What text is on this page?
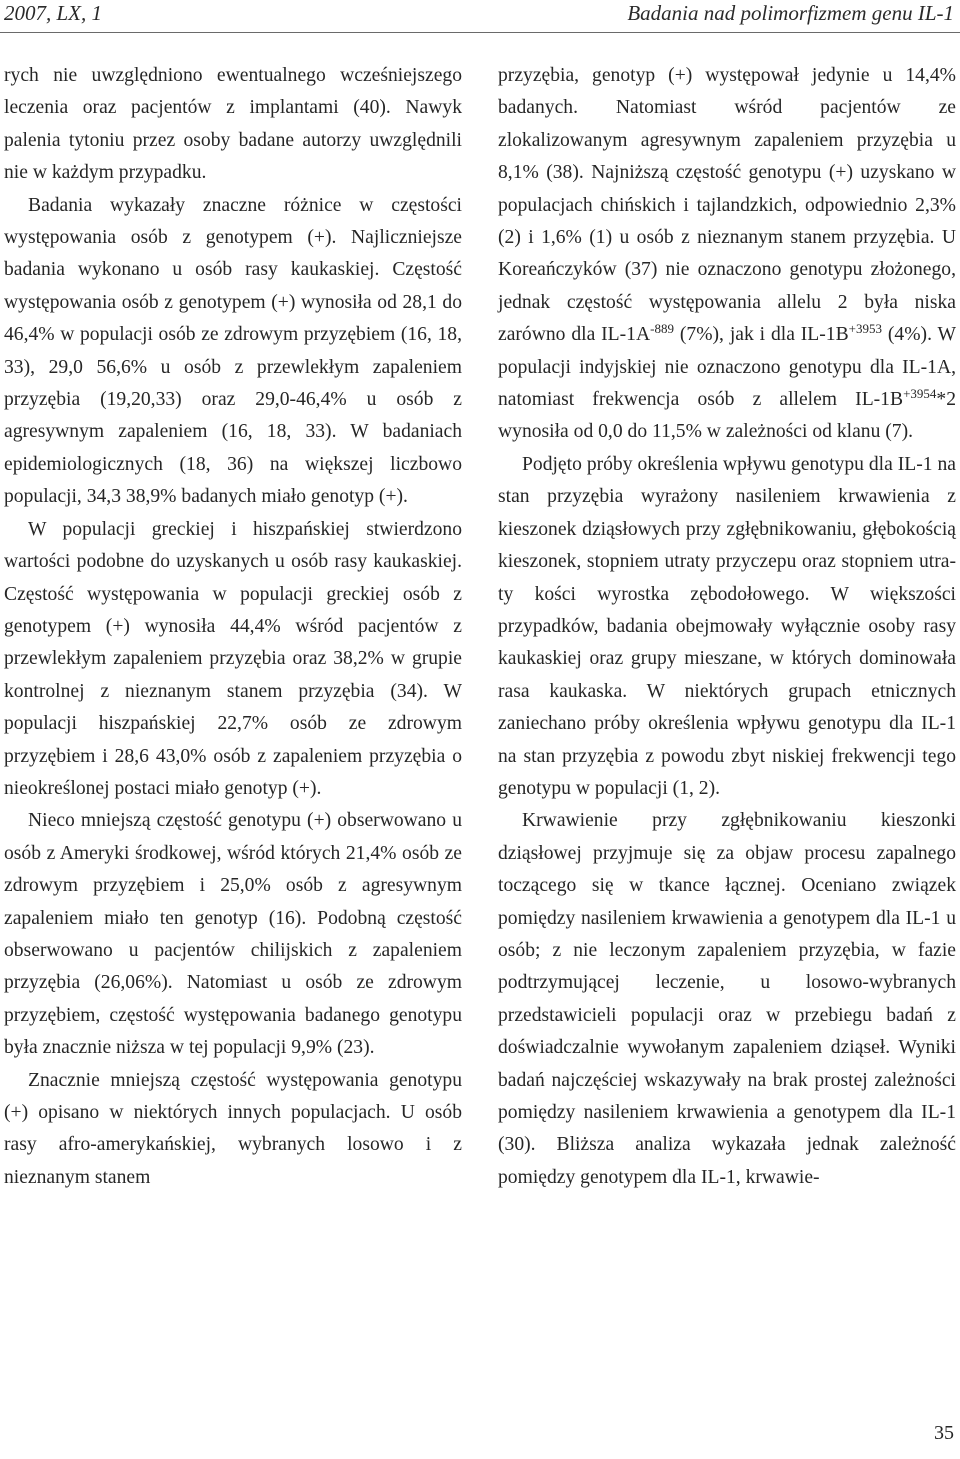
2007, LX, 1	Badania nad polimorfizmem genu IL-1

rych nie uwzględniono ewentualnego wcześniejszego leczenia oraz pacjentów z implantami (40). Nawyk palenia tytoniu przez osoby badane autorzy uwzględnili nie w każdym przypadku.

Badania wykazały znaczne różnice w częstości występowania osób z genotypem (+). Najliczniejsze badania wykonano u osób rasy kaukaskiej. Częstość występowania osób z genotypem (+) wynosiła od 28,1 do 46,4% w populacji osób ze zdrowym przyzębiem (16, 18, 33), 29,0 56,6% u osób z przewlekłym zapaleniem przyzębia (19,20,33) oraz 29,0-46,4% u osób z agresywnym zapaleniem (16, 18, 33). W badaniach epidemiologicznych (18, 36) na większej liczbowo populacji, 34,3 38,9% badanych miało genotyp (+).

W populacji greckiej i hiszpańskiej stwierdzono wartości podobne do uzyskanych u osób rasy kaukaskiej. Częstość występowania w populacji greckiej osób z genotypem (+) wynosiła 44,4% wśród pacjentów z przewlekłym zapaleniem przyzębia oraz 38,2% w grupie kontrolnej z nieznanym stanem przyzębia (34). W populacji hiszpańskiej 22,7% osób ze zdrowym przyzębiem i 28,6 43,0% osób z zapaleniem przyzębia o nieokreślonej postaci miało genotyp (+).

Nieco mniejszą częstość genotypu (+) obserwowano u osób z Ameryki środkowej, wśród których 21,4% osób ze zdrowym przyzębiem i 25,0% osób z agresywnym zapaleniem miało ten genotyp (16). Podobną częstość obserwowano u pacjentów chilijskich z zapaleniem przyzębia (26,06%). Natomiast u osób ze zdrowym przyzębiem, częstość występowania badanego genotypu była znacznie niższa w tej populacji 9,9% (23).

Znacznie mniejszą częstość występowania genotypu (+) opisano w niektórych innych populacjach. U osób rasy afro-amerykańskiej, wybranych losowo i z nieznanym stanem

przyzębia, genotyp (+) występował jedynie u 14,4% badanych. Natomiast wśród pacjentów ze zlokalizowanym agresywnym zapaleniem przyzębia u 8,1% (38). Najniższą częstość genotypu (+) uzyskano w populacjach chińskich i tajlandzkich, odpowiednio 2,3% (2) i 1,6% (1) u osób z nieznanym stanem przyzębia. U Koreańczyków (37) nie oznaczono genotypu złożonego, jednak częstość występowania allelu 2 była niska zarówno dla $IL-1A^{-889}$ (7%), jak i dla $IL-1B^{+3953}$ (4%). W populacji indyjskiej nie oznaczono genotypu dla IL-1A, natomiast frekwencja osób z allelem $IL-1B^{+3954}*2$ wynosiła od 0,0 do 11,5% w zależności od klanu (7).

Podjęto próby określenia wpływu genotypu dla IL-1 na stan przyzębia wyrażony nasileniem krwawienia z kieszonek dziąsłowych przy zgłębnikowaniu, głębokością kieszonek, stopniem utraty przyczepu oraz stopniem utraty kości wyrostka zębodołowego. W większości przypadków, badania obejmowały wyłącznie osoby rasy kaukaskiej oraz grupy mieszane, w których dominowała rasa kaukaska. W niektórych grupach etnicznych zaniechano próby określenia wpływu genotypu dla IL-1 na stan przyzębia z powodu zbyt niskiej frekwencji tego genotypu w populacji (1, 2).

Krwawienie przy zgłębnikowaniu kieszonki dziąsłowej przyjmuje się za objaw procesu zapalnego toczącego się w tkance łącznej. Oceniano związek pomiędzy nasileniem krwawienia a genotypem dla IL-1 u osób; z nie leczonym zapaleniem przyzębia, w fazie podtrzymującej leczenie, u losowo-wybranych przedstawicieli populacji oraz w przebiegu badań z doświadczalnie wywołanym zapaleniem dziąseł. Wyniki badań najczęściej wskazywały na brak prostej zależności pomiędzy nasileniem krwawienia a genotypem dla IL-1 (30). Bliższa analiza wykazała jednak zależność pomiędzy genotypem dla IL-1, krwawie-

35
